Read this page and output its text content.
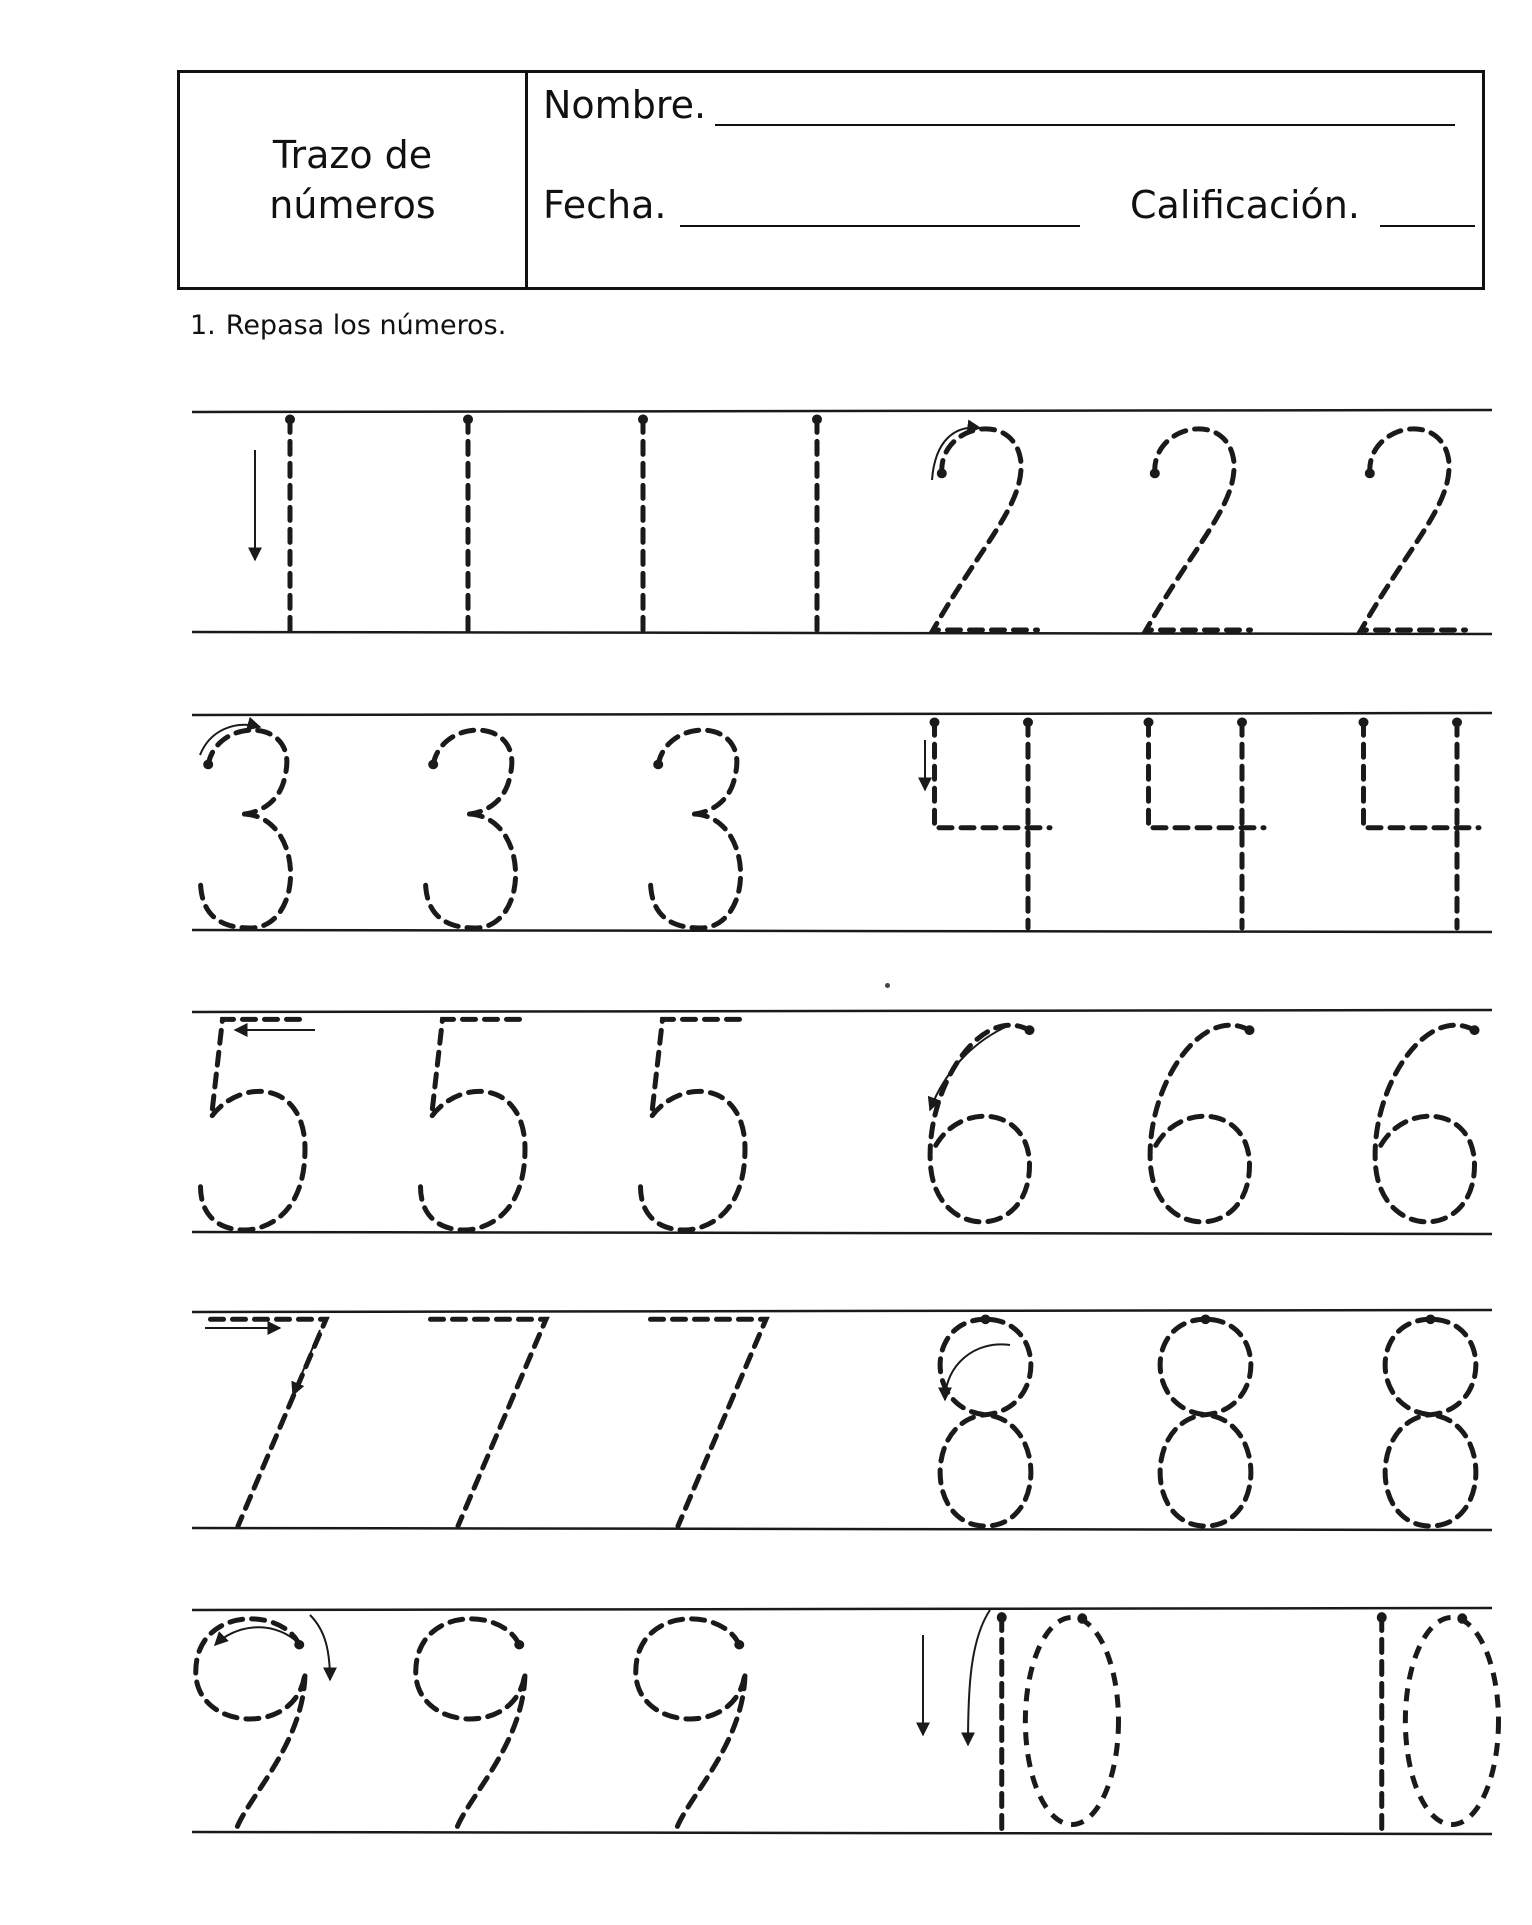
Trazo de
números
Nombre.
Fecha.	Calificación.
1. Repasa los números.
